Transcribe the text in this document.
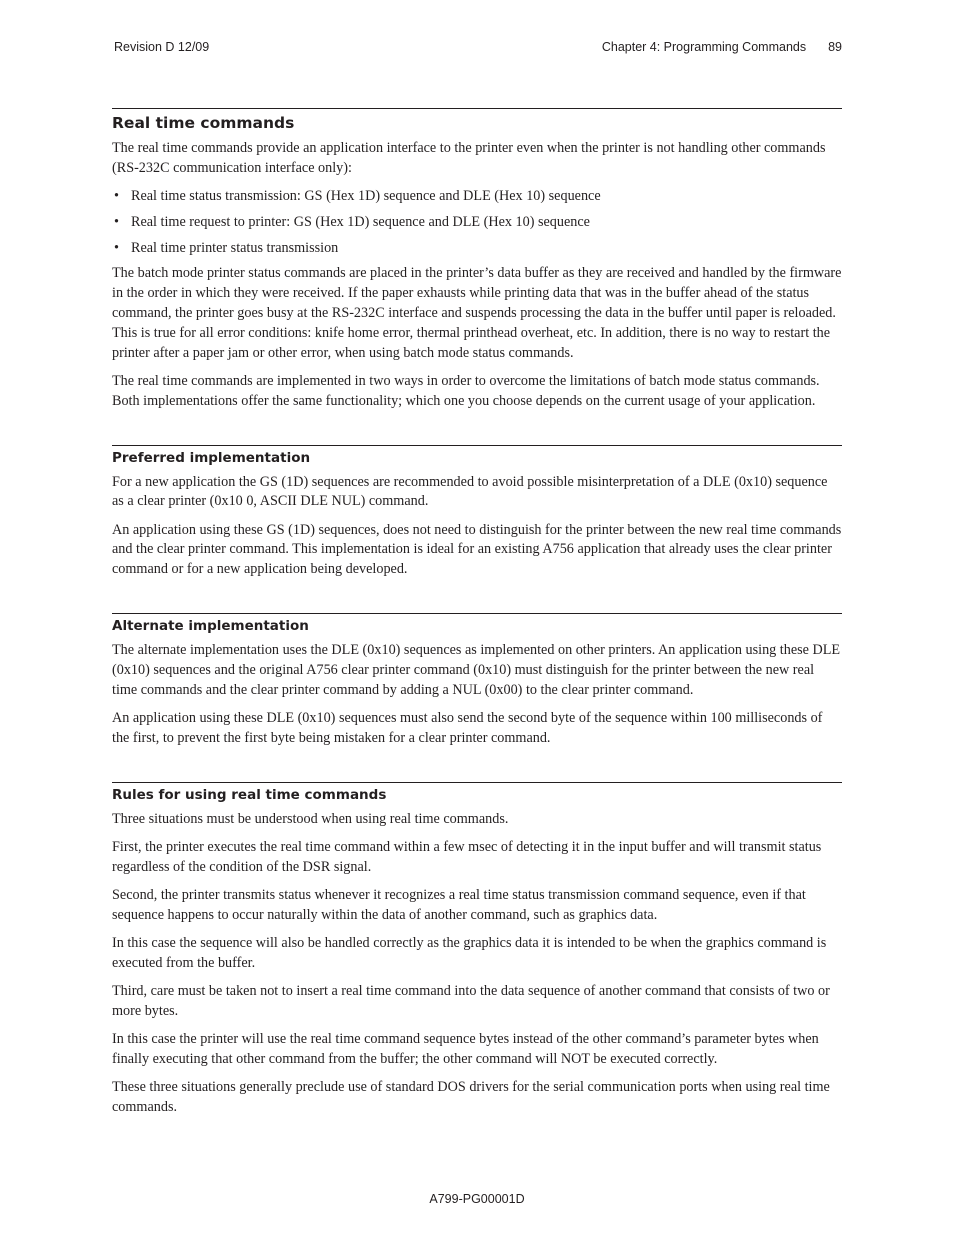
Revision D 12/09	Chapter 4: Programming Commands 89
Real time commands

The real time commands provide an application interface to the printer even when the printer is not handling other commands (RS-232C communication interface only):

• Real time status transmission: GS (Hex 1D) sequence and DLE (Hex 10) sequence
• Real time request to printer: GS (Hex 1D) sequence and DLE (Hex 10) sequence
• Real time printer status transmission

The batch mode printer status commands are placed in the printer’s data buffer as they are received and handled by the firmware in the order in which they were received. If the paper exhausts while printing data that was in the buffer ahead of the status command, the printer goes busy at the RS-232C interface and suspends processing the data in the buffer until paper is reloaded. This is true for all error conditions: knife home error, thermal printhead overheat, etc. In addition, there is no way to restart the printer after a paper jam or other error, when using batch mode status commands.

The real time commands are implemented in two ways in order to overcome the limitations of batch mode status commands. Both implementations offer the same functionality; which one you choose depends on the current usage of your application.

Preferred implementation

For a new application the GS (1D) sequences are recommended to avoid possible misinterpretation of a DLE (0x10) sequence as a clear printer (0x10 0, ASCII DLE NUL) command.

An application using these GS (1D) sequences, does not need to distinguish for the printer between the new real time commands and the clear printer command. This implementation is ideal for an existing A756 application that already uses the clear printer command or for a new application being developed.

Alternate implementation

The alternate implementation uses the DLE (0x10) sequences as implemented on other printers. An application using these DLE (0x10) sequences and the original A756 clear printer command (0x10) must distinguish for the printer between the new real time commands and the clear printer command by adding a NUL (0x00) to the clear printer command.

An application using these DLE (0x10) sequences must also send the second byte of the sequence within 100 milliseconds of the first, to prevent the first byte being mistaken for a clear printer command.

Rules for using real time commands

Three situations must be understood when using real time commands.

First, the printer executes the real time command within a few msec of detecting it in the input buffer and will transmit status regardless of the condition of the DSR signal.

Second, the printer transmits status whenever it recognizes a real time status transmission command sequence, even if that sequence happens to occur naturally within the data of another command, such as graphics data.

In this case the sequence will also be handled correctly as the graphics data it is intended to be when the graphics command is executed from the buffer.

Third, care must be taken not to insert a real time command into the data sequence of another command that consists of two or more bytes.

In this case the printer will use the real time command sequence bytes instead of the other command’s parameter bytes when finally executing that other command from the buffer; the other command will NOT be executed correctly.

These three situations generally preclude use of standard DOS drivers for the serial communication ports when using real time commands.

A799-PG00001D
